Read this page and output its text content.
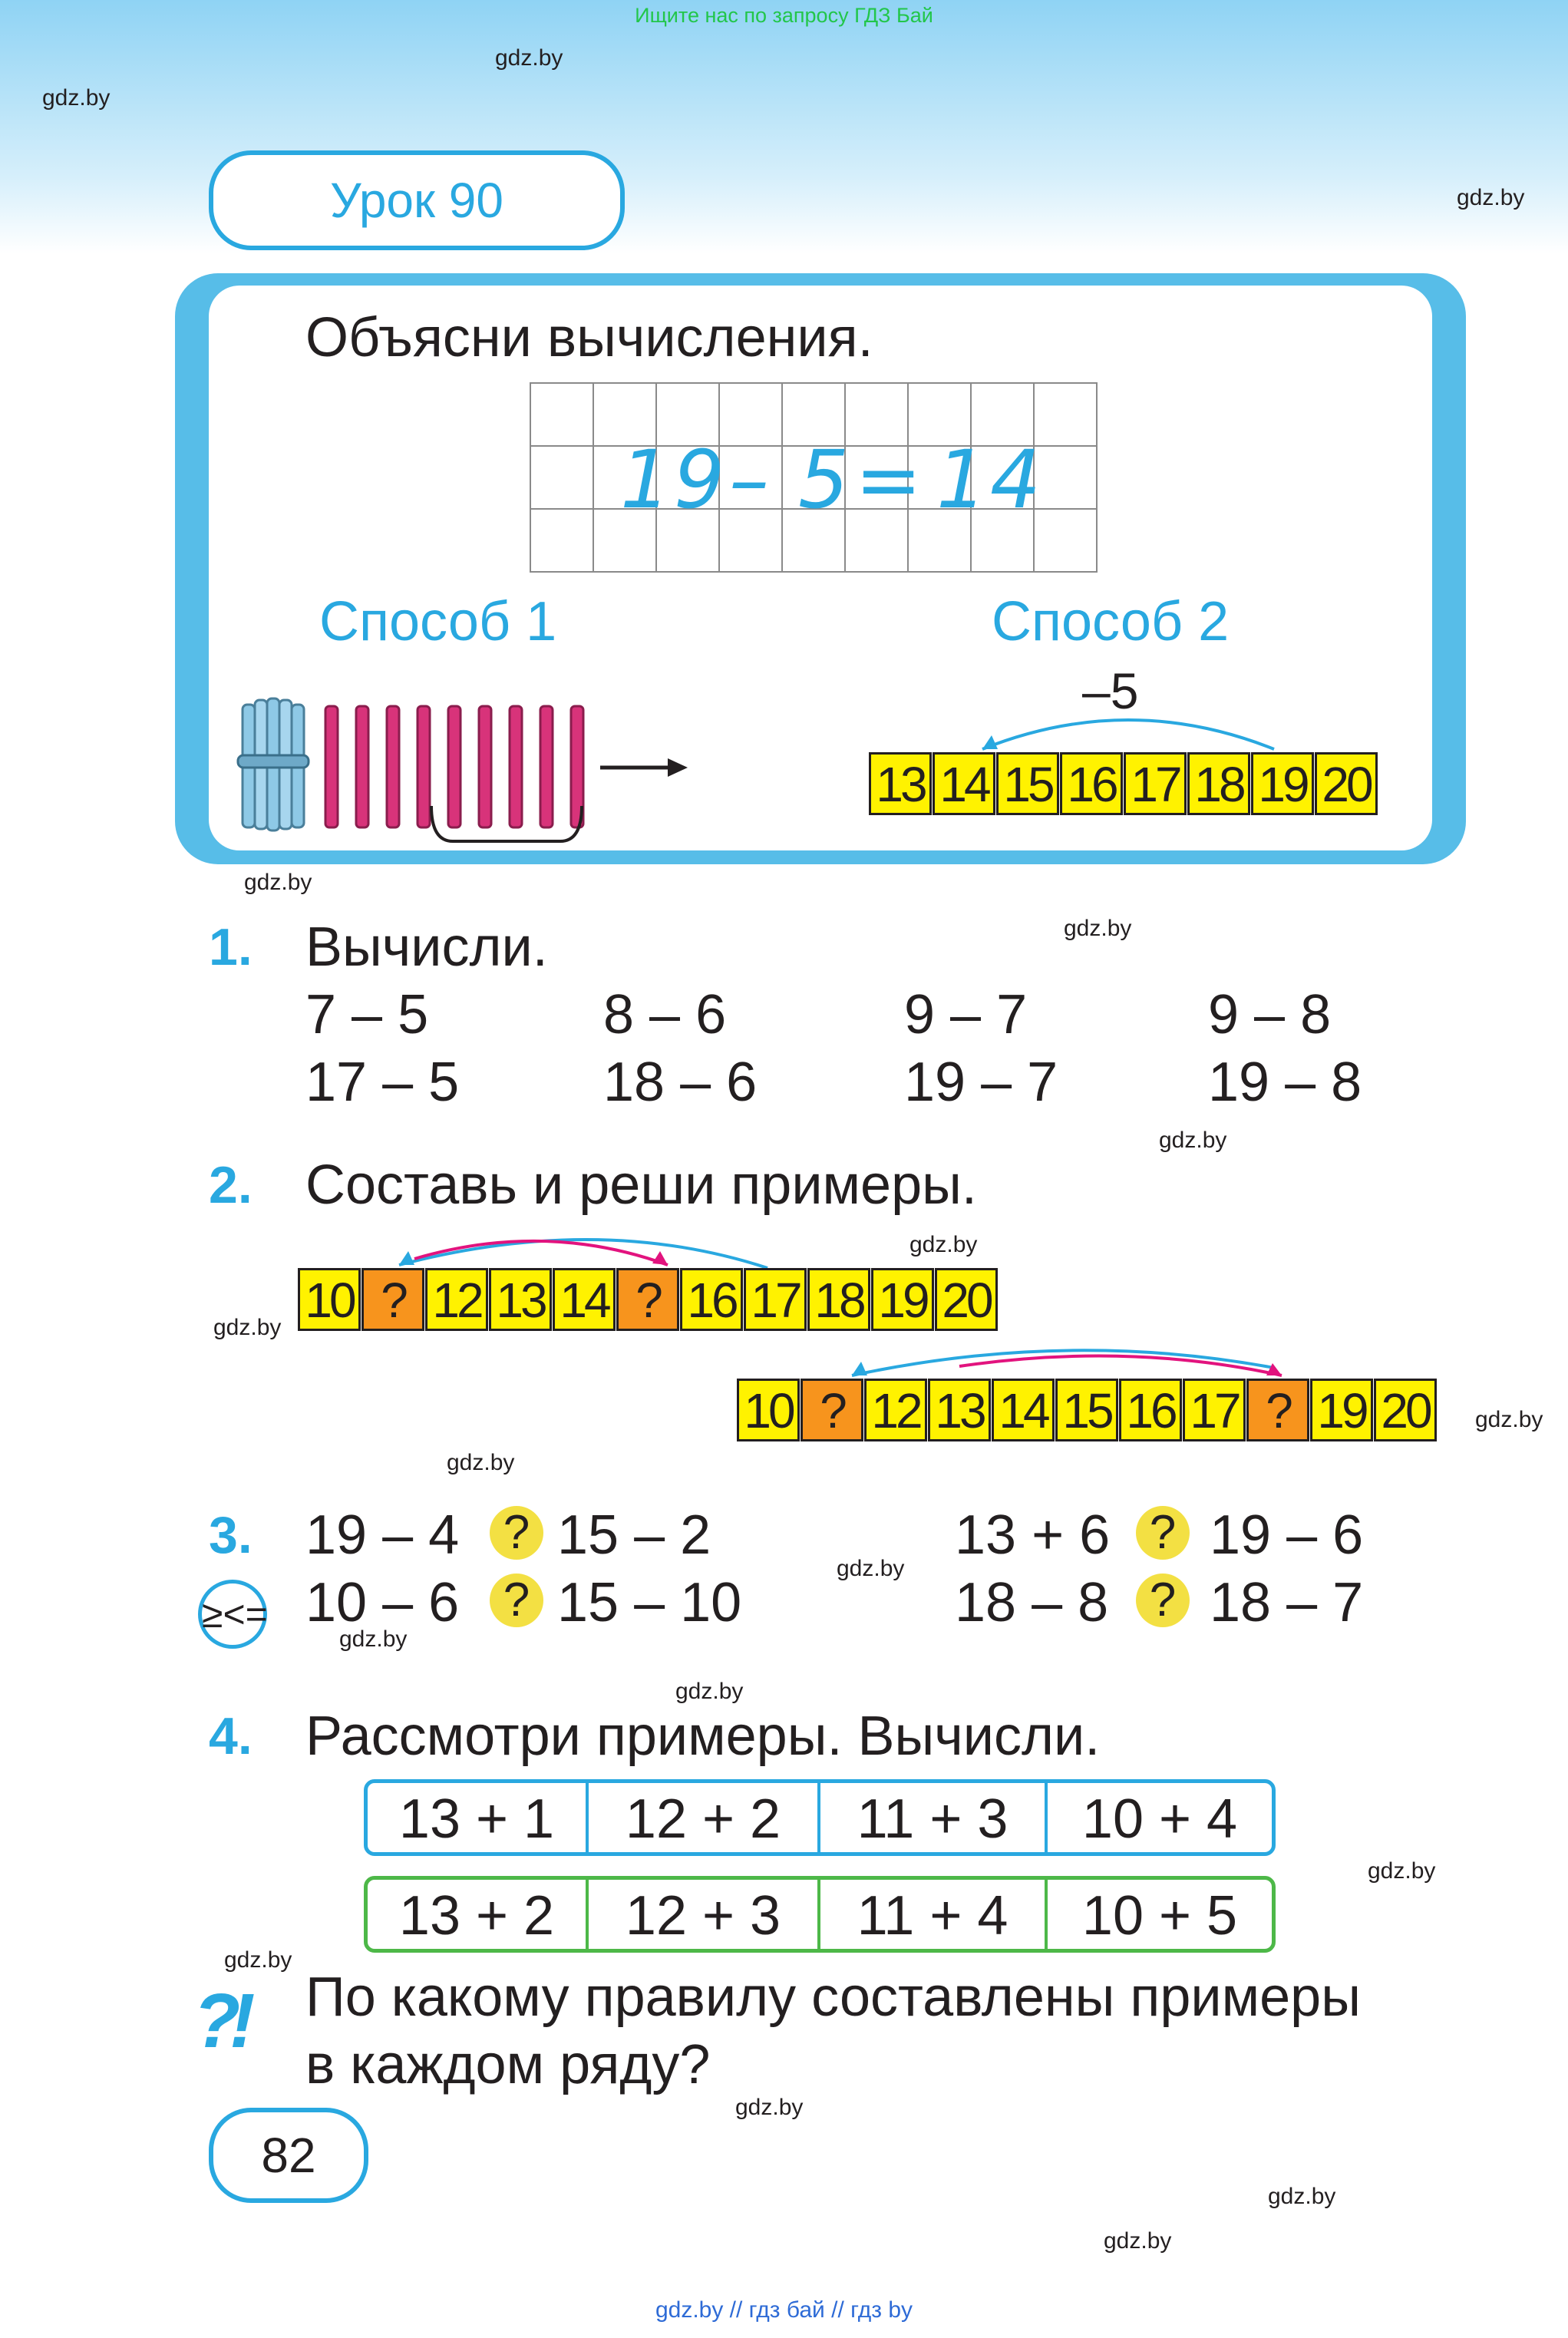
Ищите нас по запросу ГДЗ Бай
gdz.by
gdz.by
gdz.by
gdz.by
gdz.by
gdz.by
gdz.by
gdz.by
gdz.by
gdz.by
gdz.by
gdz.by
gdz.by
gdz.by
gdz.by
gdz.by
gdz.by
gdz.by
Урок 90
Объясни вычисления.
1 9 – 5 = 1 4
Способ 1	Способ 2
–5
13 14 15 16 17 18 19 20
1. Вычисли.
7 – 5	8 – 6	9 – 7	9 – 8
17 – 5	18 – 6	19 – 7	19 – 8
2. Составь и реши примеры.
10 ? 12 13 14 ? 16 17 18 19 20
10 ? 12 13 14 15 16 17 ? 19 20
3.
≥<=
19 – 4 ? 15 – 2	13 + 6 ? 19 – 6
10 – 6 ? 15 – 10	18 – 8 ? 18 – 7
4. Рассмотри примеры. Вычисли.
13 + 1	12 + 2	11 + 3	10 + 4
13 + 2	12 + 3	11 + 4	10 + 5
?! По какому правилу составлены примеры
в каждом ряду?
82
gdz.by // гдз бай // гдз by
